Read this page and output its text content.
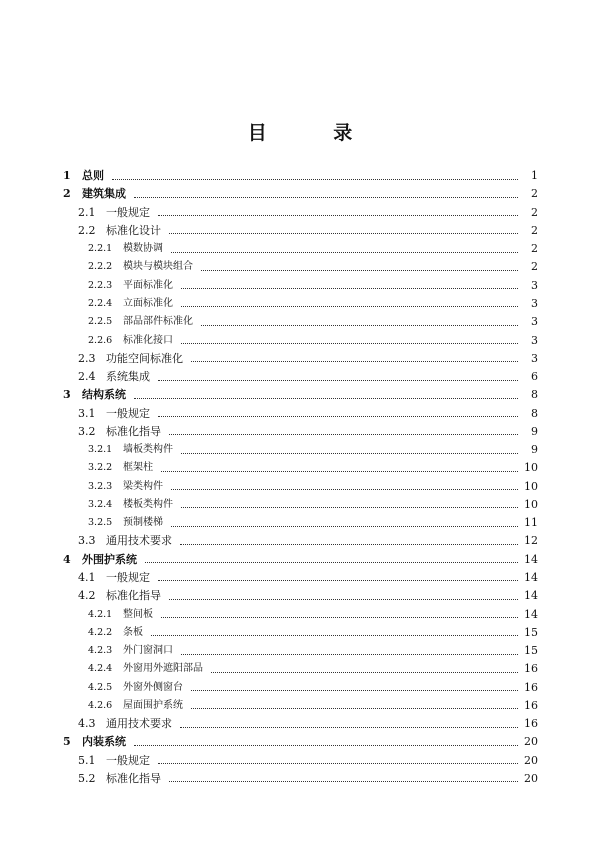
目 录
1	总则	1
2	建筑集成	2
2.1 一般规定	2
2.2 标准化设计	2
2.2.1	模数协调	2
2.2.2	模块与模块组合	2
2.2.3	平面标准化	3
2.2.4	立面标准化	3
2.2.5	部品部件标准化	3
2.2.6	标准化接口	3
2.3 功能空间标准化	3
2.4 系统集成	6
3	结构系统	8
3.1 一般规定	8
3.2 标准化指导	9
3.2.1	墙板类构件	9
3.2.2	框架柱	10
3.2.3	梁类构件	10
3.2.4	楼板类构件	10
3.2.5	预制楼梯	11
3.3 通用技术要求	12
4	外围护系统	14
4.1 一般规定	14
4.2 标准化指导	14
4.2.1	整间板	14
4.2.2	条板	15
4.2.3	外门窗洞口	15
4.2.4	外窗用外遮阳部品	16
4.2.5	外窗外侧窗台	16
4.2.6	屋面围护系统	16
4.3 通用技术要求	16
5	内装系统	20
5.1 一般规定	20
5.2 标准化指导	20
